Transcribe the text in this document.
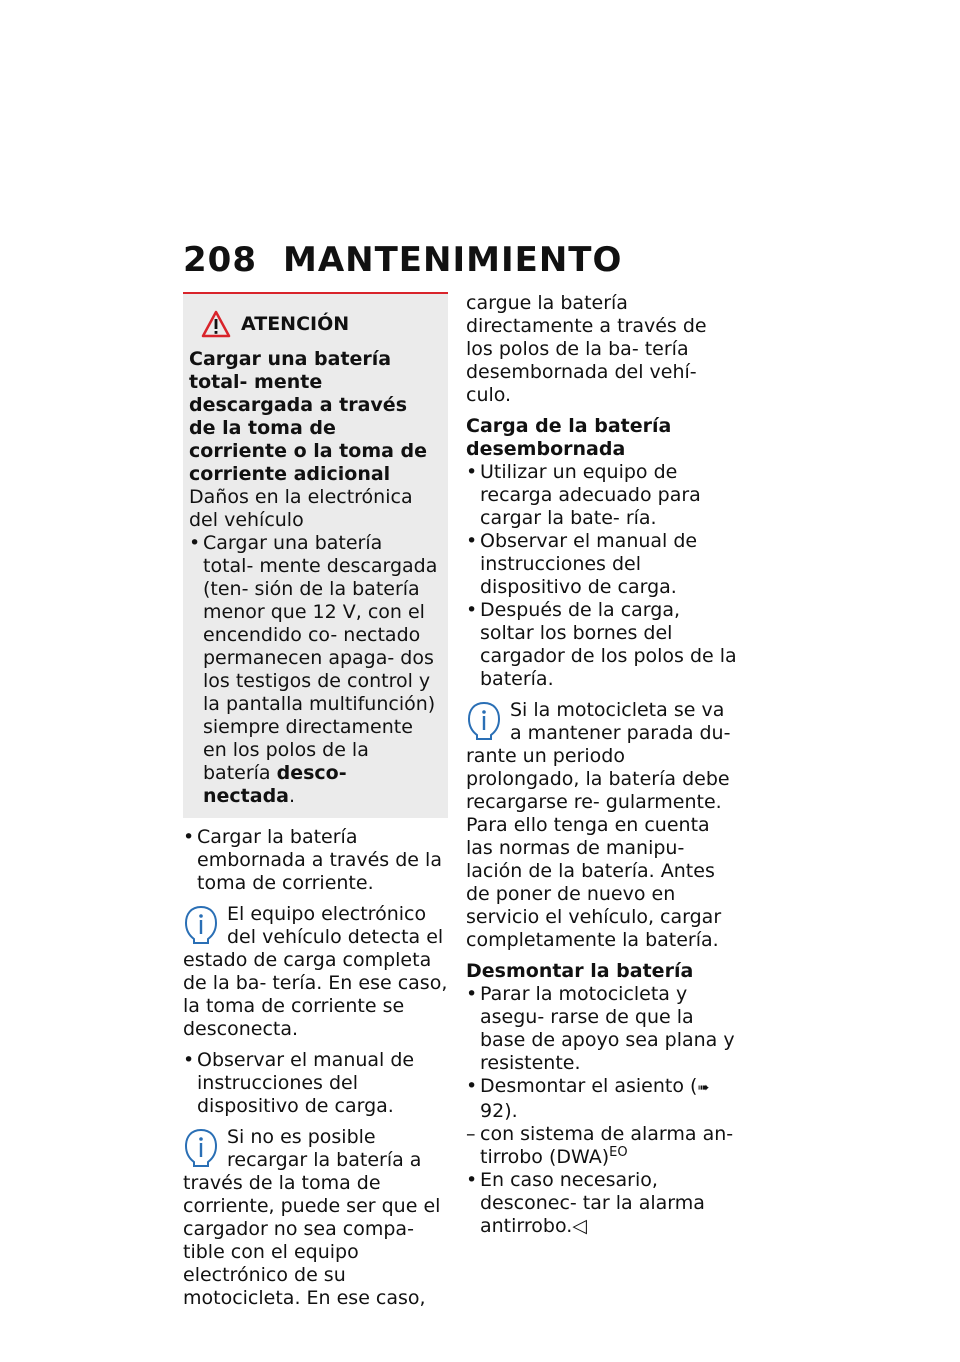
208 MANTENIMIENTO
ATENCIÓN

Cargar una batería total- mente descargada a través de la toma de corriente o la toma de corriente adicional

Daños en la electrónica del vehículo

• Cargar una batería total- mente descargada (ten- sión de la batería menor que 12 V, con el encendido co- nectado permanecen apaga- dos los testigos de control y la pantalla multifunción) siempre directamente en los polos de la batería desco- nectada.
• Cargar la batería embornada a través de la toma de corriente.
El equipo electrónico del vehículo detecta el estado de carga completa de la ba- tería. En ese caso, la toma de corriente se desconecta.
• Observar el manual de instrucciones del dispositivo de carga.
Si no es posible recargar la batería a través de la toma de corriente, puede ser que el cargador no sea compa- tible con el equipo electrónico de su motocicleta. En ese caso,

cargue la batería directamente a través de los polos de la ba- tería desembornada del vehí- culo.

Carga de la batería desembornada

• Utilizar un equipo de recarga adecuado para cargar la bate- ría.
• Observar el manual de instrucciones del dispositivo de carga.
• Después de la carga, soltar los bornes del cargador de los polos de la batería.
Si la motocicleta se va a mantener parada du- rante un periodo prolongado, la batería debe recargarse re- gularmente. Para ello tenga en cuenta las normas de manipu- lación de la batería. Antes de poner de nuevo en servicio el vehículo, cargar completamente la batería.

Desmontar la batería

• Parar la motocicleta y asegu- rarse de que la base de apoyo sea plana y resistente.
• Desmontar el asiento (➠ 92).
– con sistema de alarma an- tirrobo (DWA)$^{EO}$
• En caso necesario, desconec- tar la alarma antirrobo.◁
